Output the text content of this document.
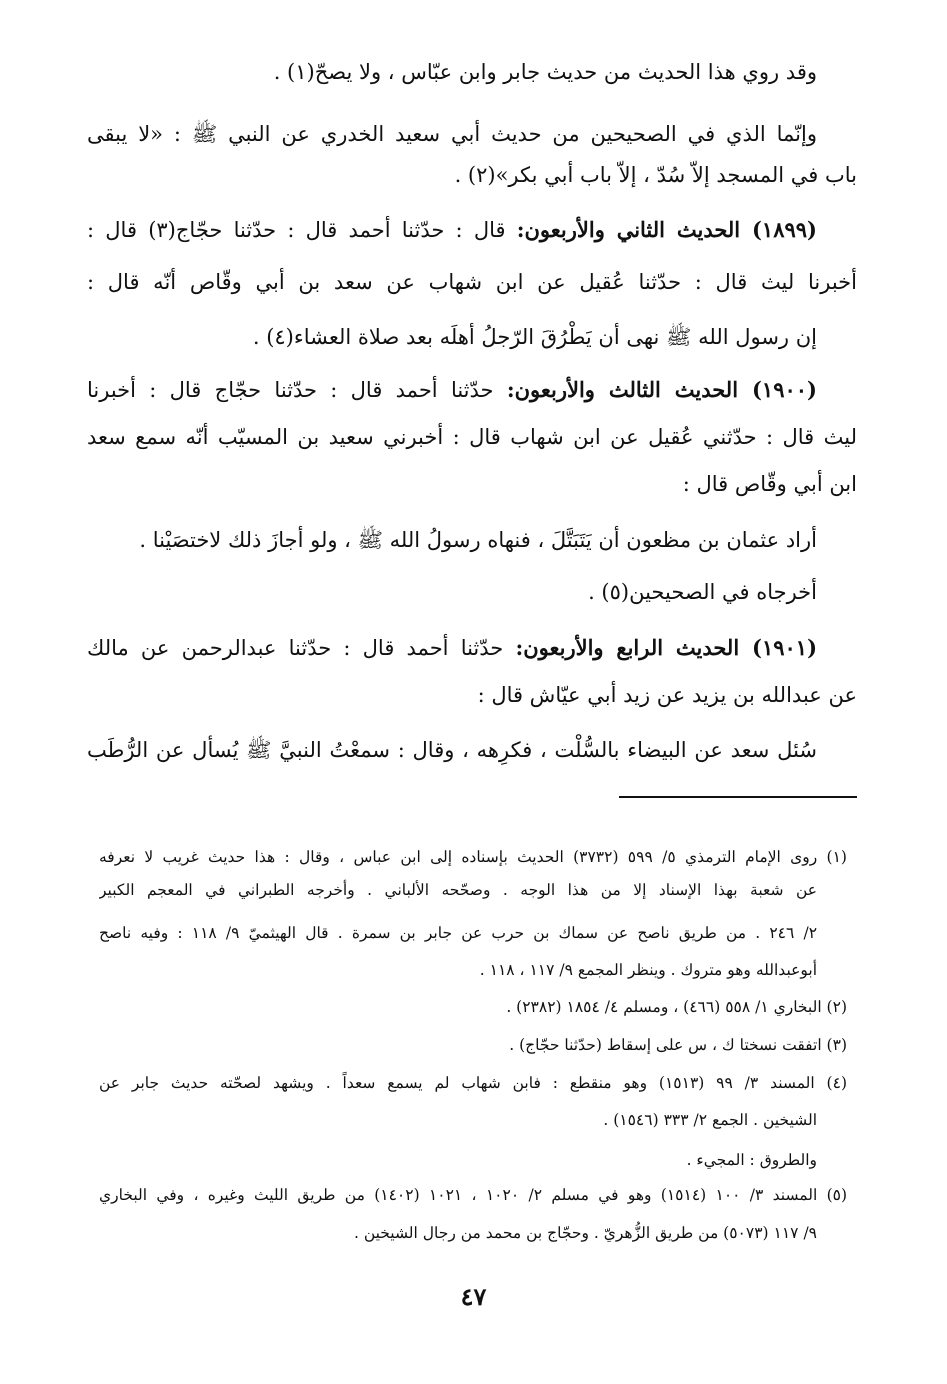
وقد روي هذا الحديث من حديث جابر وابن عبّاس ، ولا يصحّ(١) .
وإنّما الذي في الصحيحين من حديث أبي سعيد الخدري عن النبي ﷺ : «لا يبقى
باب في المسجد إلاّ سُدّ ، إلاّ باب أبي بكر»(٢) .
(١٨٩٩) الحديث الثاني والأربعون: قال : حدّثنا أحمد قال : حدّثنا حجّاج(٣) قال :
أخبرنا ليث قال : حدّثنا عُقيل عن ابن شهاب عن سعد بن أبي وقّاص أنّه قال :
إن رسول الله ﷺ نهى أن يَطْرُقَ الرّجلُ أهلَه بعد صلاة العشاء(٤) .
(١٩٠٠) الحديث الثالث والأربعون: حدّثنا أحمد قال : حدّثنا حجّاج قال : أخبرنا
ليث قال : حدّثني عُقيل عن ابن شهاب قال : أخبرني سعيد بن المسيّب أنّه سمع سعد
ابن أبي وقّاص قال :
أراد عثمان بن مظعون أن يَتَبَتَّلَ ، فنهاه رسولُ الله ﷺ ، ولو أجازَ ذلك لاختصَيْنا .
أخرجاه في الصحيحين(٥) .
(١٩٠١) الحديث الرابع والأربعون: حدّثنا أحمد قال : حدّثنا عبدالرحمن عن مالك
عن عبدالله بن يزيد عن زيد أبي عيّاش قال :
سُئل سعد عن البيضاء بالسُّلْت ، فكرِهه ، وقال : سمعْتُ النبيَّ ﷺ يُسأل عن الرُّطَب
(١) روى الإمام الترمذي ٥/ ٥٩٩ (٣٧٣٢) الحديث بإسناده إلى ابن عباس ، وقال : هذا حديث غريب لا نعرفه
عن شعبة بهذا الإسناد إلا من هذا الوجه . وصحّحه الألباني . وأخرجه الطبراني في المعجم الكبير
٢/ ٢٤٦ . من طريق ناصح عن سماك بن حرب عن جابر بن سمرة . قال الهيثميّ ٩/ ١١٨ : وفيه ناصح
أبوعبدالله وهو متروك . وينظر المجمع ٩/ ١١٧ ، ١١٨ .
(٢) البخاري ١/ ٥٥٨ (٤٦٦) ، ومسلم ٤/ ١٨٥٤ (٢٣٨٢) .
(٣) اتفقت نسختا ك ، س على إسقاط (حدّثنا حجّاج) .
(٤) المسند ٣/ ٩٩ (١٥١٣) وهو منقطع : فابن شهاب لم يسمع سعداً . ويشهد لصحّته حديث جابر عن
الشيخين . الجمع ٢/ ٣٣٣ (١٥٤٦) .
والطروق : المجيء .
(٥) المسند ٣/ ١٠٠ (١٥١٤) وهو في مسلم ٢/ ١٠٢٠ ، ١٠٢١ (١٤٠٢) من طريق الليث وغيره ، وفي البخاري
٩/ ١١٧ (٥٠٧٣) من طريق الزُّهريّ . وحجّاج بن محمد من رجال الشيخين .
٤٧
